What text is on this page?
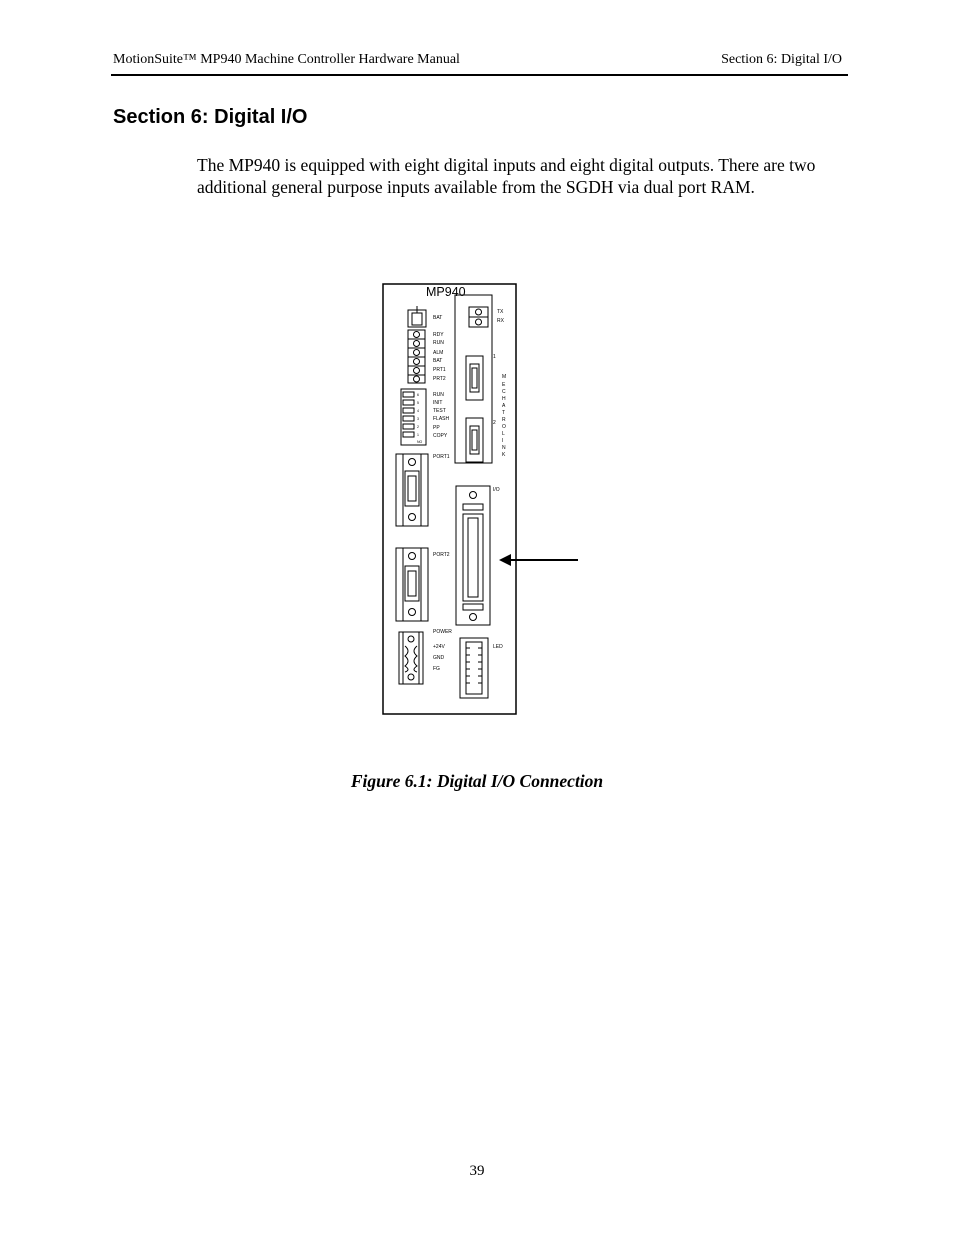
MotionSuite™ MP940 Machine Controller Hardware Manual	Section 6: Digital I/O
Section 6: Digital I/O

The MP940 is equipped with eight digital inputs and eight digital outputs. There are two additional general purpose inputs available from the SGDH via dual port RAM.

MP940
BAT
RDY
RUN
ALM
BAT
PRT1
PRT2
RUN
INIT
TEST
FLASH
PP
COPY
6
5
4
3
2
1
NO
PORT1
PORT2
POWER
+24V
GND
FG
TX
RX
1
2
M
E
C
H
A
T
R
O
L
I
N
K
I/O
LED
Figure 6.1: Digital I/O Connection
39
